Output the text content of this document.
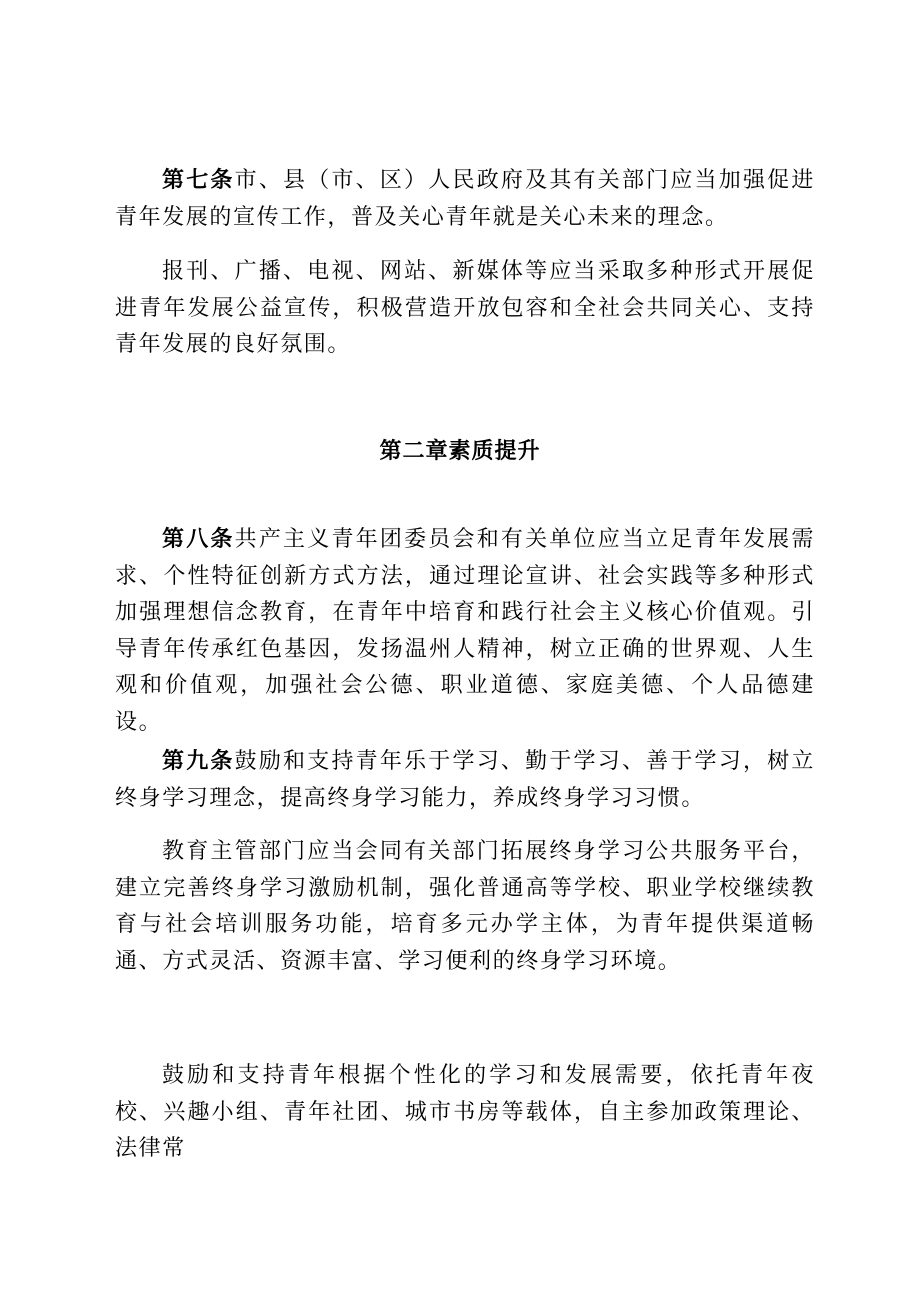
第七条市、县（市、区）人民政府及其有关部门应当加强促进青年发展的宣传工作，普及关心青年就是关心未来的理念。

报刊、广播、电视、网站、新媒体等应当采取多种形式开展促进青年发展公益宣传，积极营造开放包容和全社会共同关心、支持青年发展的良好氛围。

第二章素质提升

第八条共产主义青年团委员会和有关单位应当立足青年发展需求、个性特征创新方式方法，通过理论宣讲、社会实践等多种形式加强理想信念教育，在青年中培育和践行社会主义核心价值观。引导青年传承红色基因，发扬温州人精神，树立正确的世界观、人生观和价值观，加强社会公德、职业道德、家庭美德、个人品德建设。

第九条鼓励和支持青年乐于学习、勤于学习、善于学习，树立终身学习理念，提高终身学习能力，养成终身学习习惯。

教育主管部门应当会同有关部门拓展终身学习公共服务平台，建立完善终身学习激励机制，强化普通高等学校、职业学校继续教育与社会培训服务功能，培育多元办学主体，为青年提供渠道畅通、方式灵活、资源丰富、学习便利的终身学习环境。

鼓励和支持青年根据个性化的学习和发展需要，依托青年夜校、兴趣小组、青年社团、城市书房等载体，自主参加政策理论、法律常
